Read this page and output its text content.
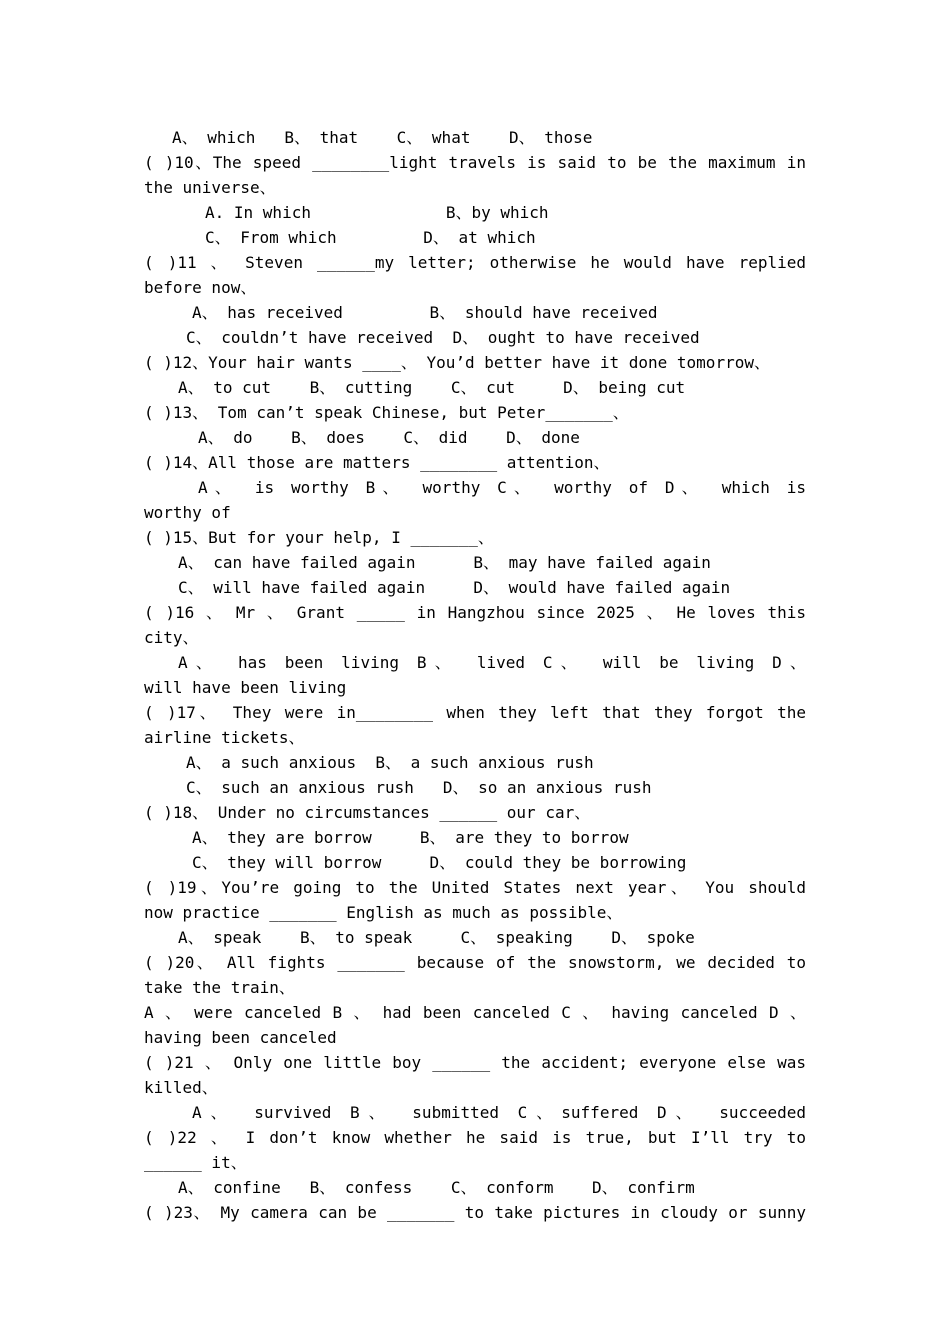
A、 which   B、 that    C、 what    D、 those
( )10、The speed ________light travels is said to be the maximum in
the universe、
A. In which              B、by which
C、 From which         D、 at which
( )11 、 Steven ______my letter; otherwise he would have replied
before now、
A、 has received         B、 should have received
C、 couldn’t have received  D、 ought to have received
( )12、Your hair wants ____、 You’d better have it done tomorrow、
A、 to cut    B、 cutting    C、 cut     D、 being cut
( )13、 Tom can’t speak Chinese, but Peter_______、
A、 do    B、 does    C、 did    D、 done
( )14、All those are matters ________ attention、
A、 is worthy B、 worthy C、 worthy of D、 which is
worthy of
( )15、But for your help, I _______、
A、 can have failed again      B、 may have failed again
C、 will have failed again     D、 would have failed again
( )16 、 Mr 、 Grant _____ in Hangzhou since 2025 、 He loves this
city、
A、 has been living B、 lived C、 will be living D、
will have been living
( )17、 They were in________ when they left that they forgot the
airline tickets、
A、 a such anxious  B、 a such anxious rush
C、 such an anxious rush   D、 so an anxious rush
( )18、 Under no circumstances ______ our car、
A、 they are borrow     B、 are they to borrow
C、 they will borrow     D、 could they be borrowing
( )19、You’re going to the United States next year、 You should
now practice _______ English as much as possible、
A、 speak    B、 to speak     C、 speaking    D、 spoke
( )20、 All fights _______ because of the snowstorm, we decided to
take the train、
A 、 were canceled B 、 had been canceled C 、 having canceled D 、
having been canceled
( )21 、 Only one little boy ______ the accident; everyone else was
killed、
A、 survived B、 submitted C、suffered D、 succeeded
( )22 、 I don’t know whether he said is true, but I’ll try to
______ it、
A、 confine   B、 confess    C、 conform    D、 confirm
( )23、 My camera can be _______ to take pictures in cloudy or sunny
